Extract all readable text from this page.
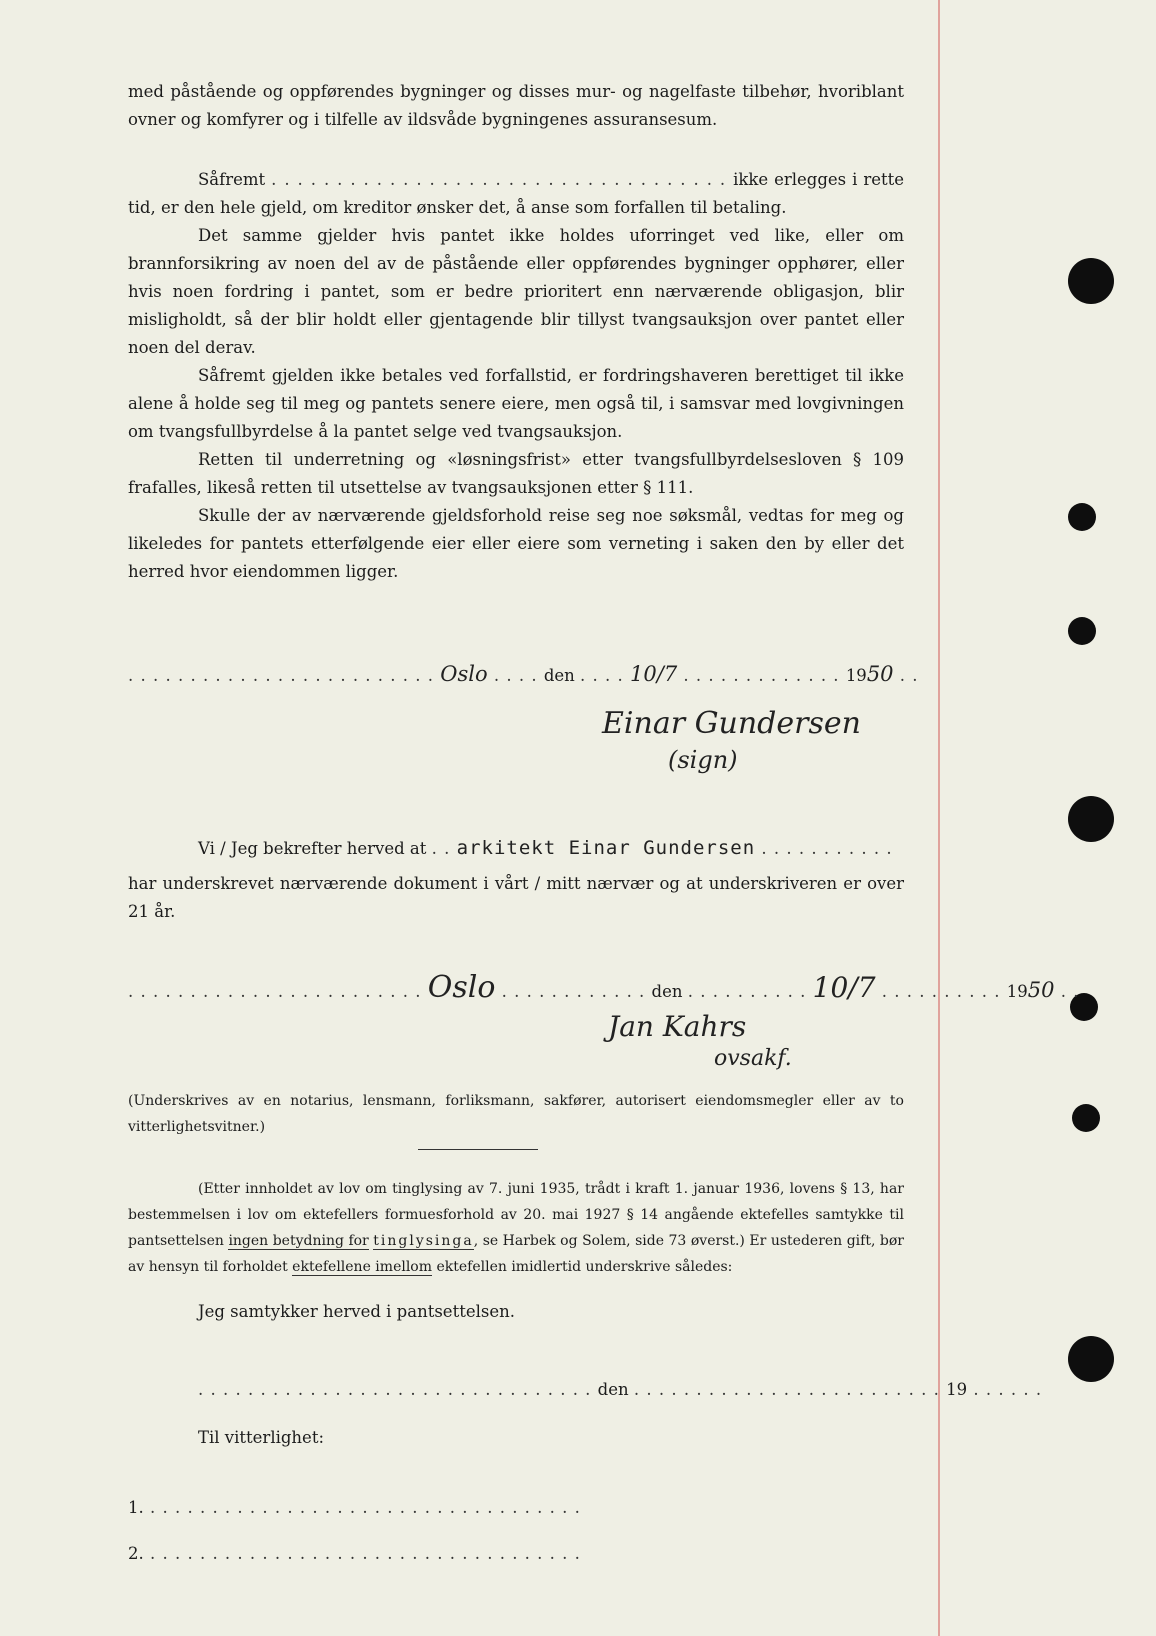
med påstående og oppførendes bygninger og disses mur- og nagelfaste tilbehør, hvoriblant ovner og komfyrer og i tilfelle av ildsvåde bygningenes assuransesum.

Såfremt . . . . . . . . . . . . . . . . . . . . . . . . . . . . . . . . . . . ikke erlegges i rette tid, er den hele gjeld, om kreditor ønsker det, å anse som forfallen til betaling.

Det samme gjelder hvis pantet ikke holdes uforringet ved like, eller om brannforsikring av noen del av de påstående eller oppførendes bygninger opphører, eller hvis noen fordring i pantet, som er bedre prioritert enn nærværende obligasjon, blir misligholdt, så der blir holdt eller gjentagende blir tillyst tvangsauksjon over pantet eller noen del derav.

Såfremt gjelden ikke betales ved forfallstid, er fordringshaveren berettiget til ikke alene å holde seg til meg og pantets senere eiere, men også til, i samsvar med lovgivningen om tvangsfullbyrdelse å la pantet selge ved tvangsauksjon.

Retten til underretning og «løsningsfrist» etter tvangsfullbyrdelsesloven § 109 frafalles, likeså retten til utsettelse av tvangsauksjonen etter § 111.

Skulle der av nærværende gjeldsforhold reise seg noe søksmål, vedtas for meg og likeledes for pantets etterfølgende eier eller eiere som verneting i saken den by eller det herred hvor eiendommen ligger.

. . . . . . . . . . . . . . . . . . . . . . . . . Oslo . . . . den . . . . 10/7 . . . . . . . . . . . . . 1950 . .
Einar Gundersen
(sign)
Vi / Jeg bekrefter herved at . . arkitekt Einar Gundersen . . . . . . . . . . .

har underskrevet nærværende dokument i vårt / mitt nærvær og at underskriveren er over 21 år.

. . . . . . . . . . . . . . . . . . . . . . . . Oslo . . . . . . . . . . . . den . . . . . . . . . . 10/7 . . . . . . . . . . 1950 . .
Jan Kahrs
ovsakf.

(Underskrives av en notarius, lensmann, forliksmann, sakfører, autorisert eiendomsmegler eller av to vitterlighetsvitner.)

(Etter innholdet av lov om tinglysing av 7. juni 1935, trådt i kraft 1. januar 1936, lovens § 13, har bestemmelsen i lov om ektefellers formuesforhold av 20. mai 1927 § 14 angående ektefelles samtykke til pantsettelsen ingen betydning for tinglysinga, se Harbek og Solem, side 73 øverst.) Er ustederen gift, bør av hensyn til forholdet ektefellene imellom ektefellen imidlertid underskrive således:

Jeg samtykker herved i pantsettelsen.
. . . . . . . . . . . . . . . . . . . . . . . . . . . . . . . . den . . . . . . . . . . . . . . . . . . . . . . . . . 19 . . . . . .
Til vitterlighet:
1. . . . . . . . . . . . . . . . . . . . . . . . . . . . . . . . . . . .
2. . . . . . . . . . . . . . . . . . . . . . . . . . . . . . . . . . . .
